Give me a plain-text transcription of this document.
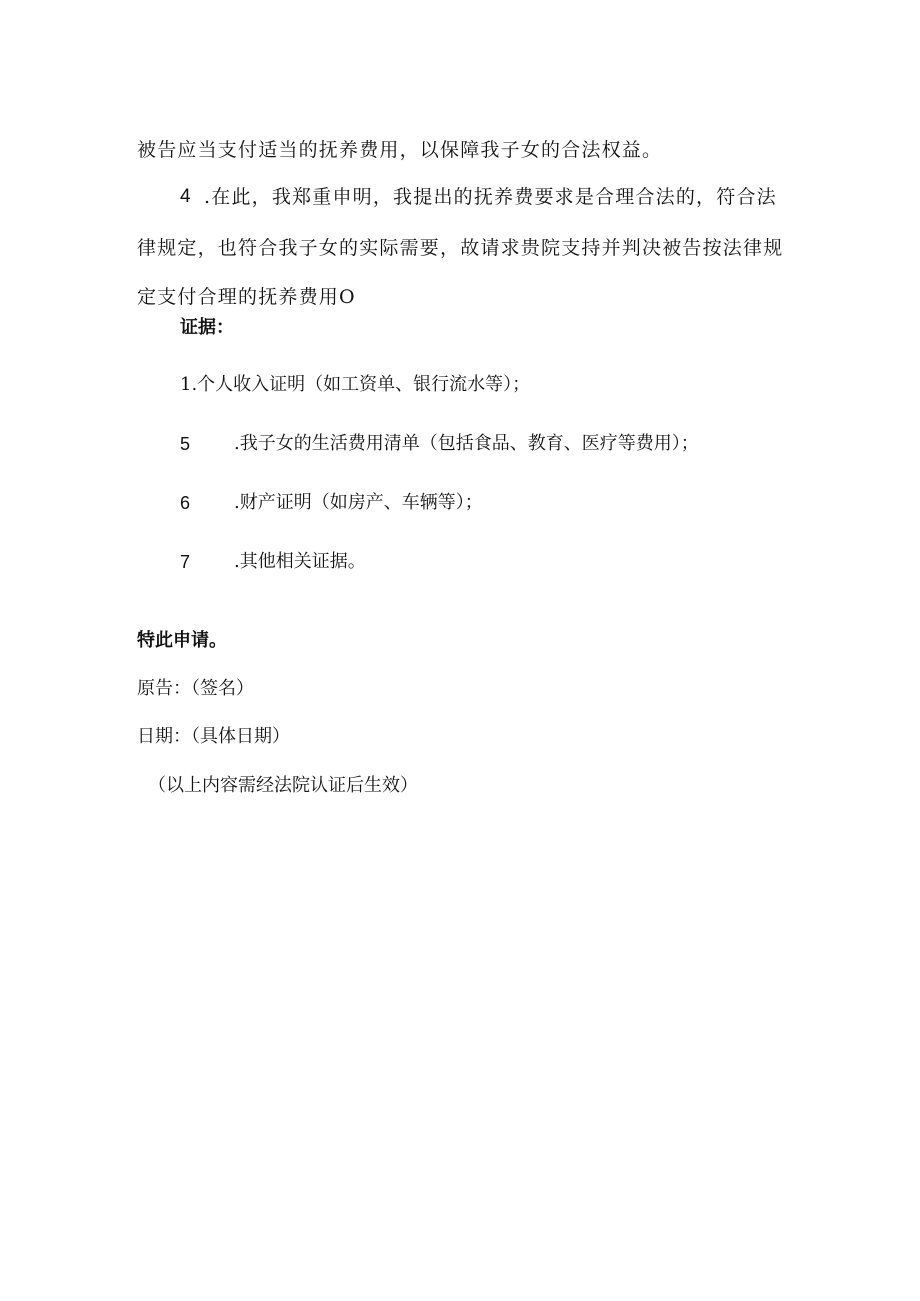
被告应当支付适当的抚养费用，以保障我子女的合法权益。
4 .在此，我郑重申明，我提出的抚养费要求是合理合法的，符合法
律规定，也符合我子女的实际需要，故请求贵院支持并判决被告按法律规
定支付合理的抚养费用O
证据：
1.个人收入证明（如工资单、银行流水等）；
5 .我子女的生活费用清单（包括食品、教育、医疗等费用）；
6 .财产证明（如房产、车辆等）；
7 .其他相关证据。
特此申请。
原告：（签名）
日期：（具体日期）
（以上内容需经法院认证后生效）
